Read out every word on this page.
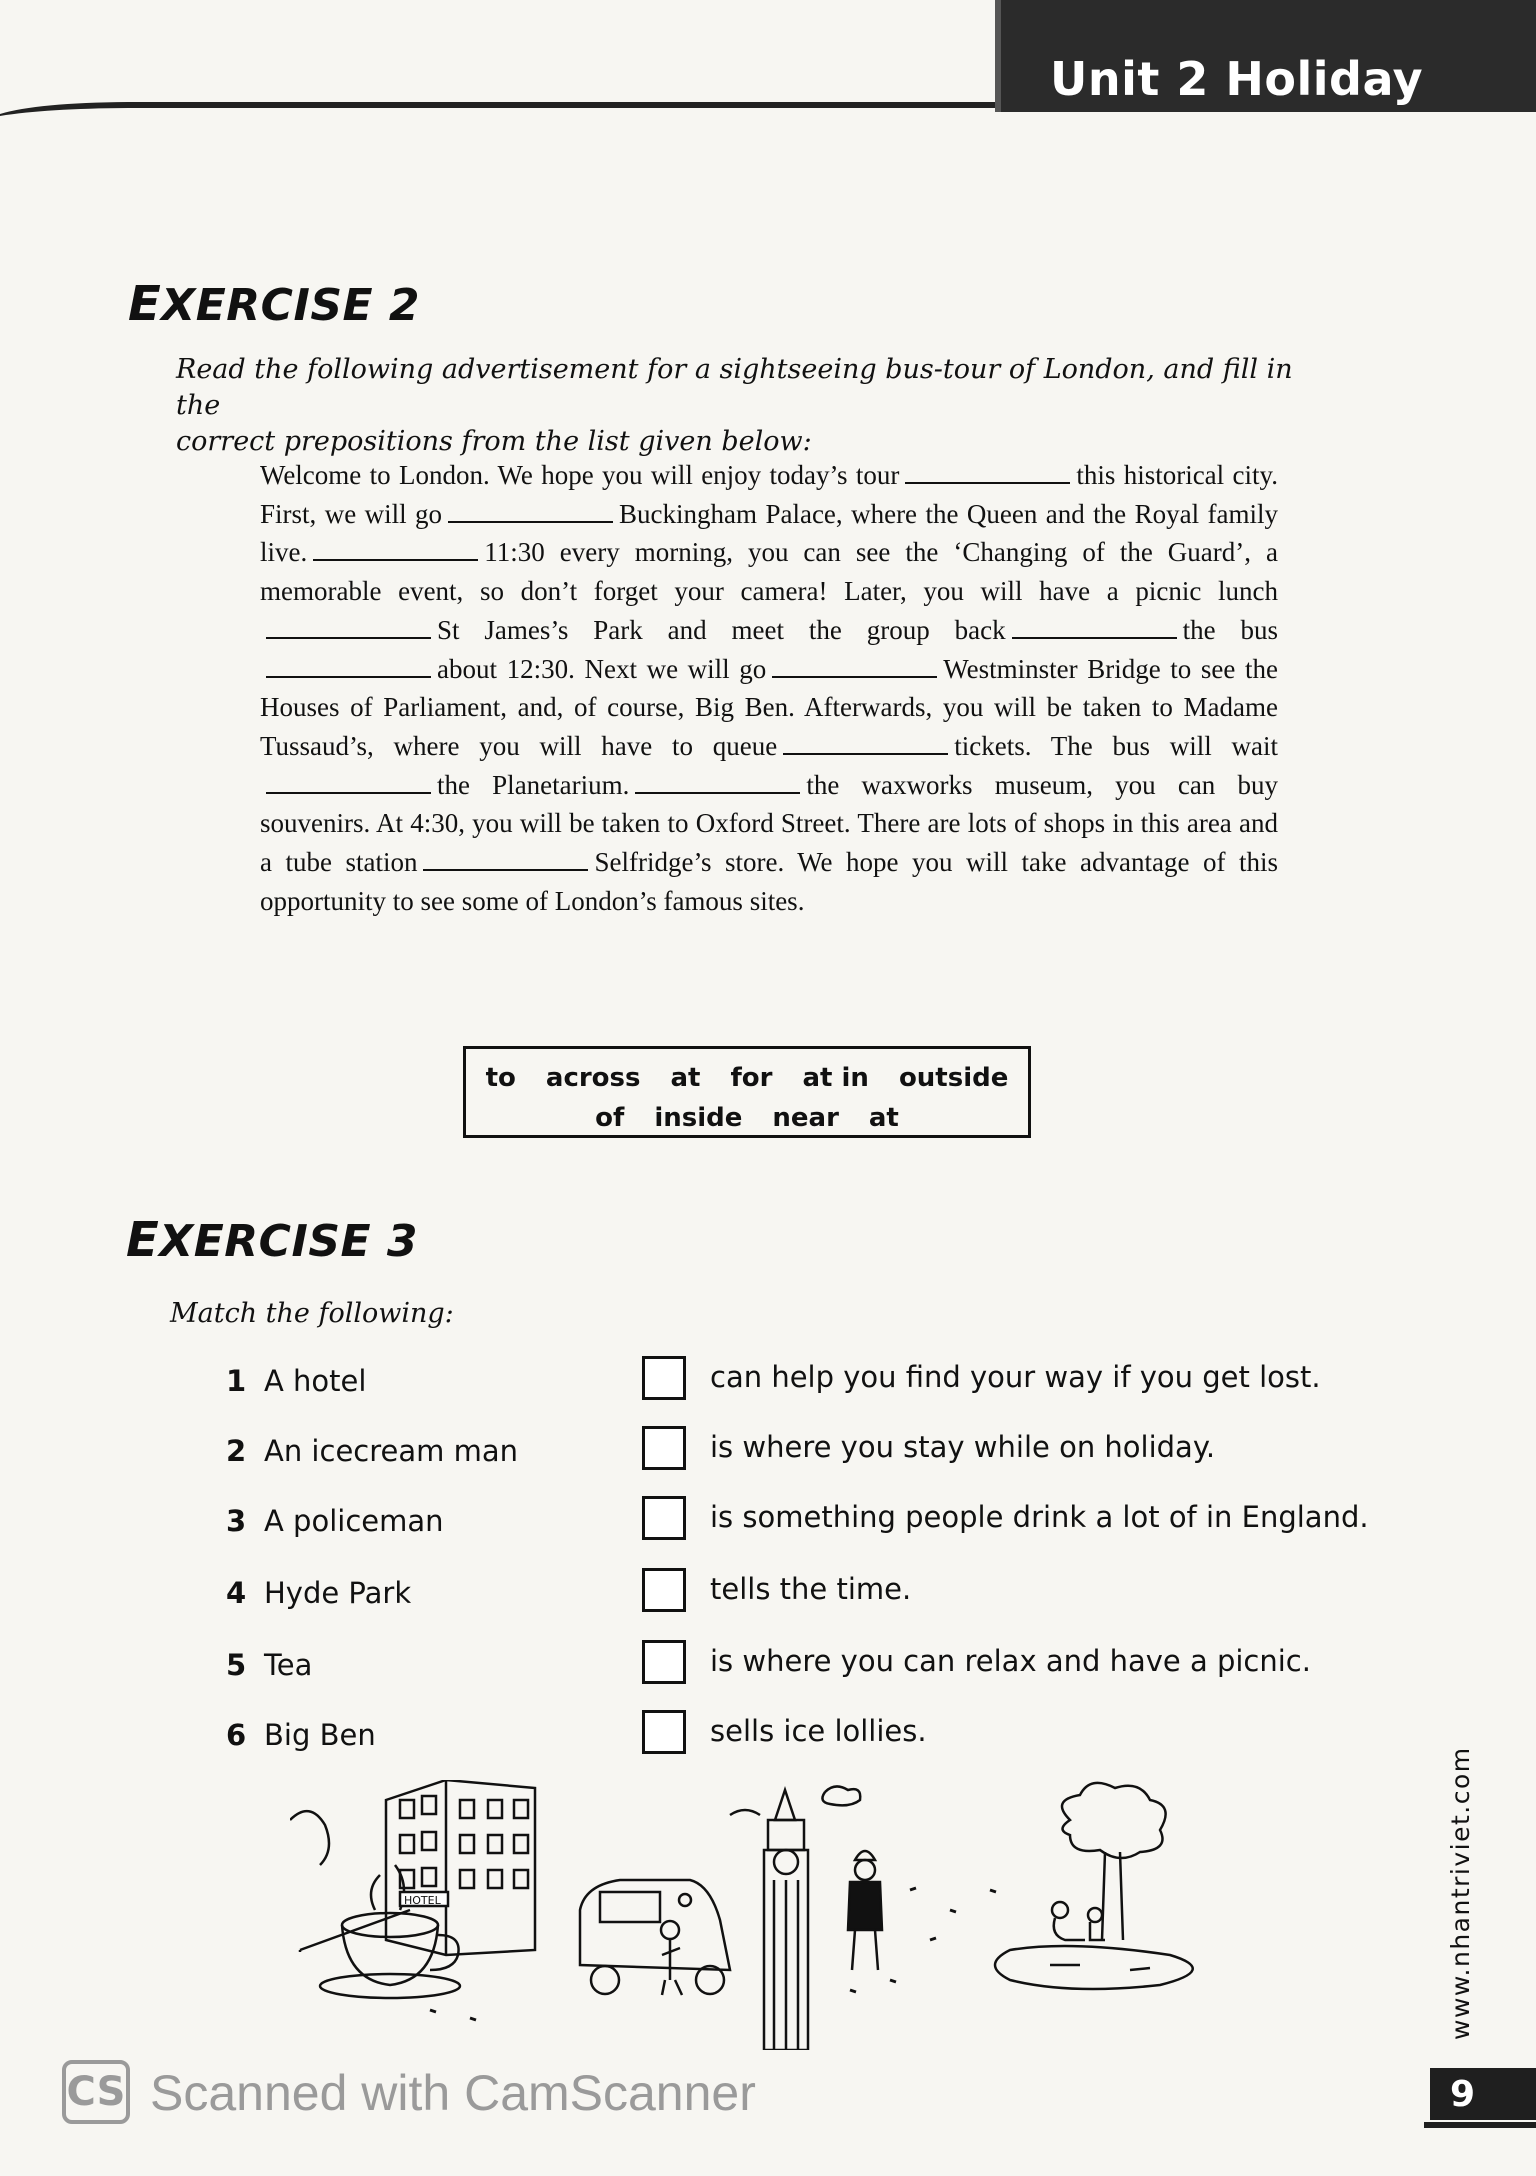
Unit 2 Holiday
EXERCISE 2

Read the following advertisement for a sightseeing bus-tour of London, and fill in the
correct prepositions from the list given below:

Welcome to London. We hope you will enjoy today’s tour	this historical city. First, we will go	Buckingham Palace, where the Queen and the Royal family live.	11:30 every morning, you can see the ‘Changing of the Guard’, a memorable event, so don’t forget your camera! Later, you will have a picnic lunchSt James’s Park and meet the group back	the busabout 12:30. Next we will go	Westminster Bridge to see the Houses of Parliament, and, of course, Big Ben. Afterwards, you will be taken to Madame Tussaud’s, where you will have to queue	tickets. The bus will waitthe Planetarium.	the waxworks museum, you can buy souvenirs. At 4:30, you will be taken to Oxford Street. There are lots of shops in this area and a tube station	Selfridge’s store. We hope you will take advantage of this opportunity to see some of London’s famous sites.

to across at for at in outside
of inside near at
EXERCISE 3

Match the following:

1 A hotel	can help you find your way if you get lost.
2 An icecream man	is where you stay while on holiday.
3 A policeman	is something people drink a lot of in England.
4 Hyde Park	tells the time.
5 Tea	is where you can relax and have a picnic.
6 Big Ben	sells ice lollies.
HOTEL	www.nhantriviet.com
CS Scanned with CamScanner	9
